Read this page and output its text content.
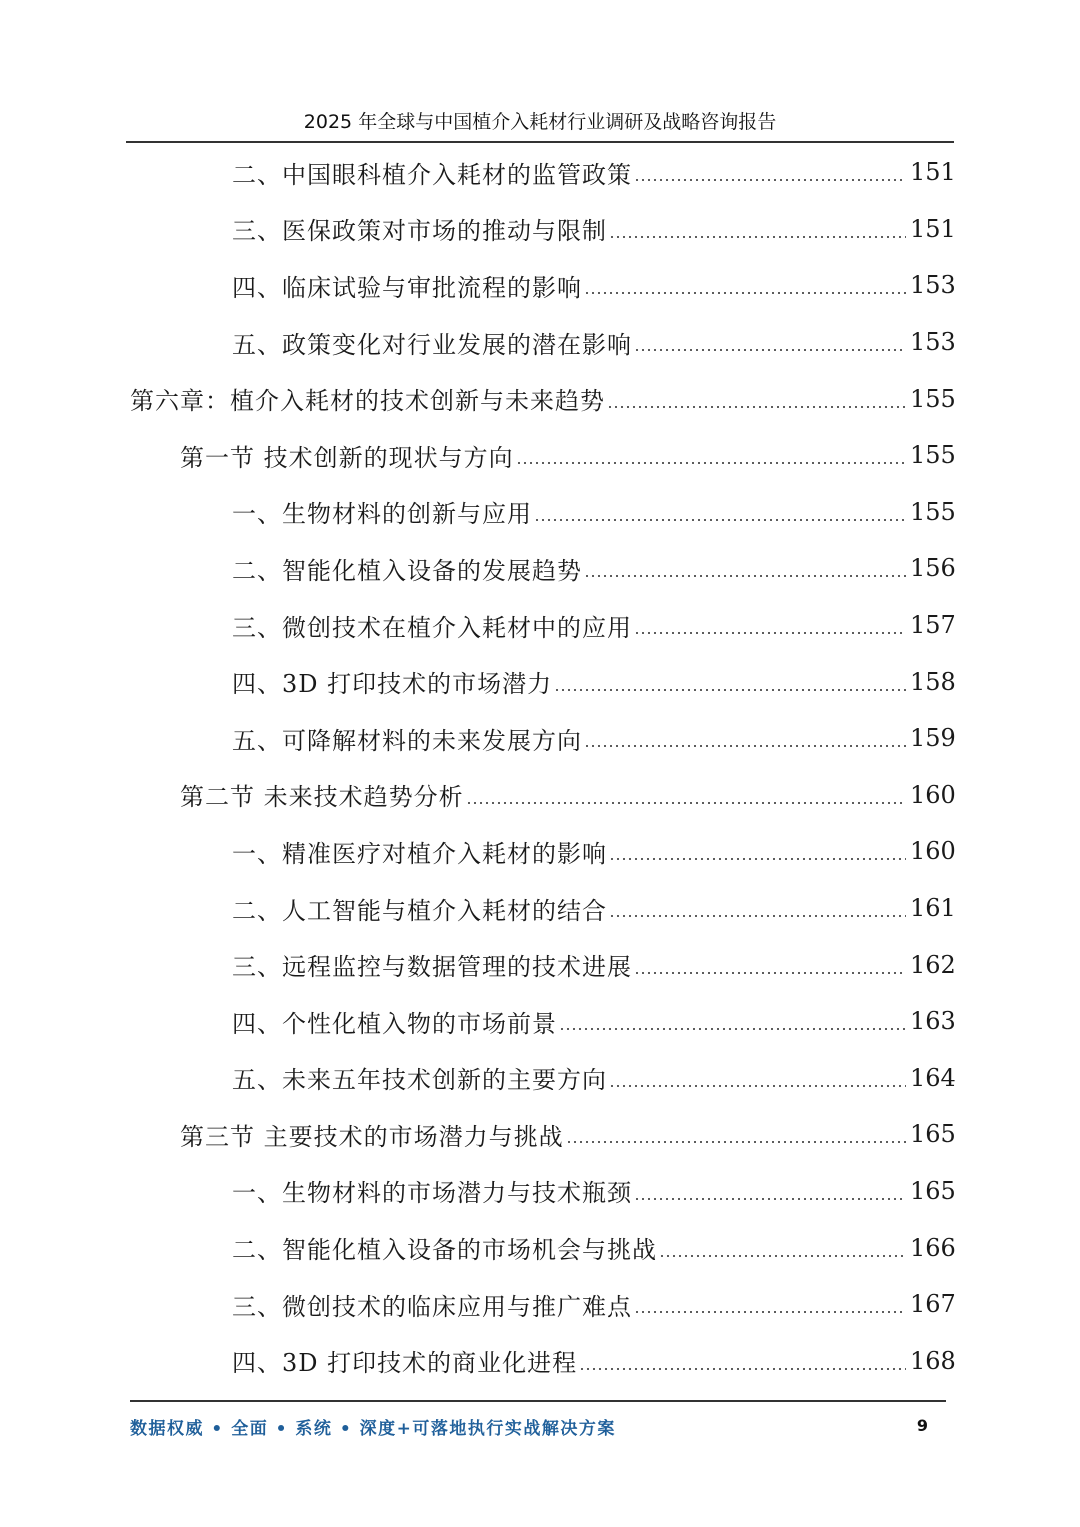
2025 年全球与中国植介入耗材行业调研及战略咨询报告
二、中国眼科植介入耗材的监管政策	151
三、医保政策对市场的推动与限制	151
四、临床试验与审批流程的影响	153
五、政策变化对行业发展的潜在影响	153
第六章：植介入耗材的技术创新与未来趋势	155
第一节 技术创新的现状与方向	155
一、生物材料的创新与应用	155
二、智能化植入设备的发展趋势	156
三、微创技术在植介入耗材中的应用	157
四、3D 打印技术的市场潜力	158
五、可降解材料的未来发展方向	159
第二节 未来技术趋势分析	160
一、精准医疗对植介入耗材的影响	160
二、人工智能与植介入耗材的结合	161
三、远程监控与数据管理的技术进展	162
四、个性化植入物的市场前景	163
五、未来五年技术创新的主要方向	164
第三节 主要技术的市场潜力与挑战	165
一、生物材料的市场潜力与技术瓶颈	165
二、智能化植入设备的市场机会与挑战	166
三、微创技术的临床应用与推广难点	167
四、3D 打印技术的商业化进程	168
数据权威 • 全面 • 系统 • 深度+可落地执行实战解决方案	9
